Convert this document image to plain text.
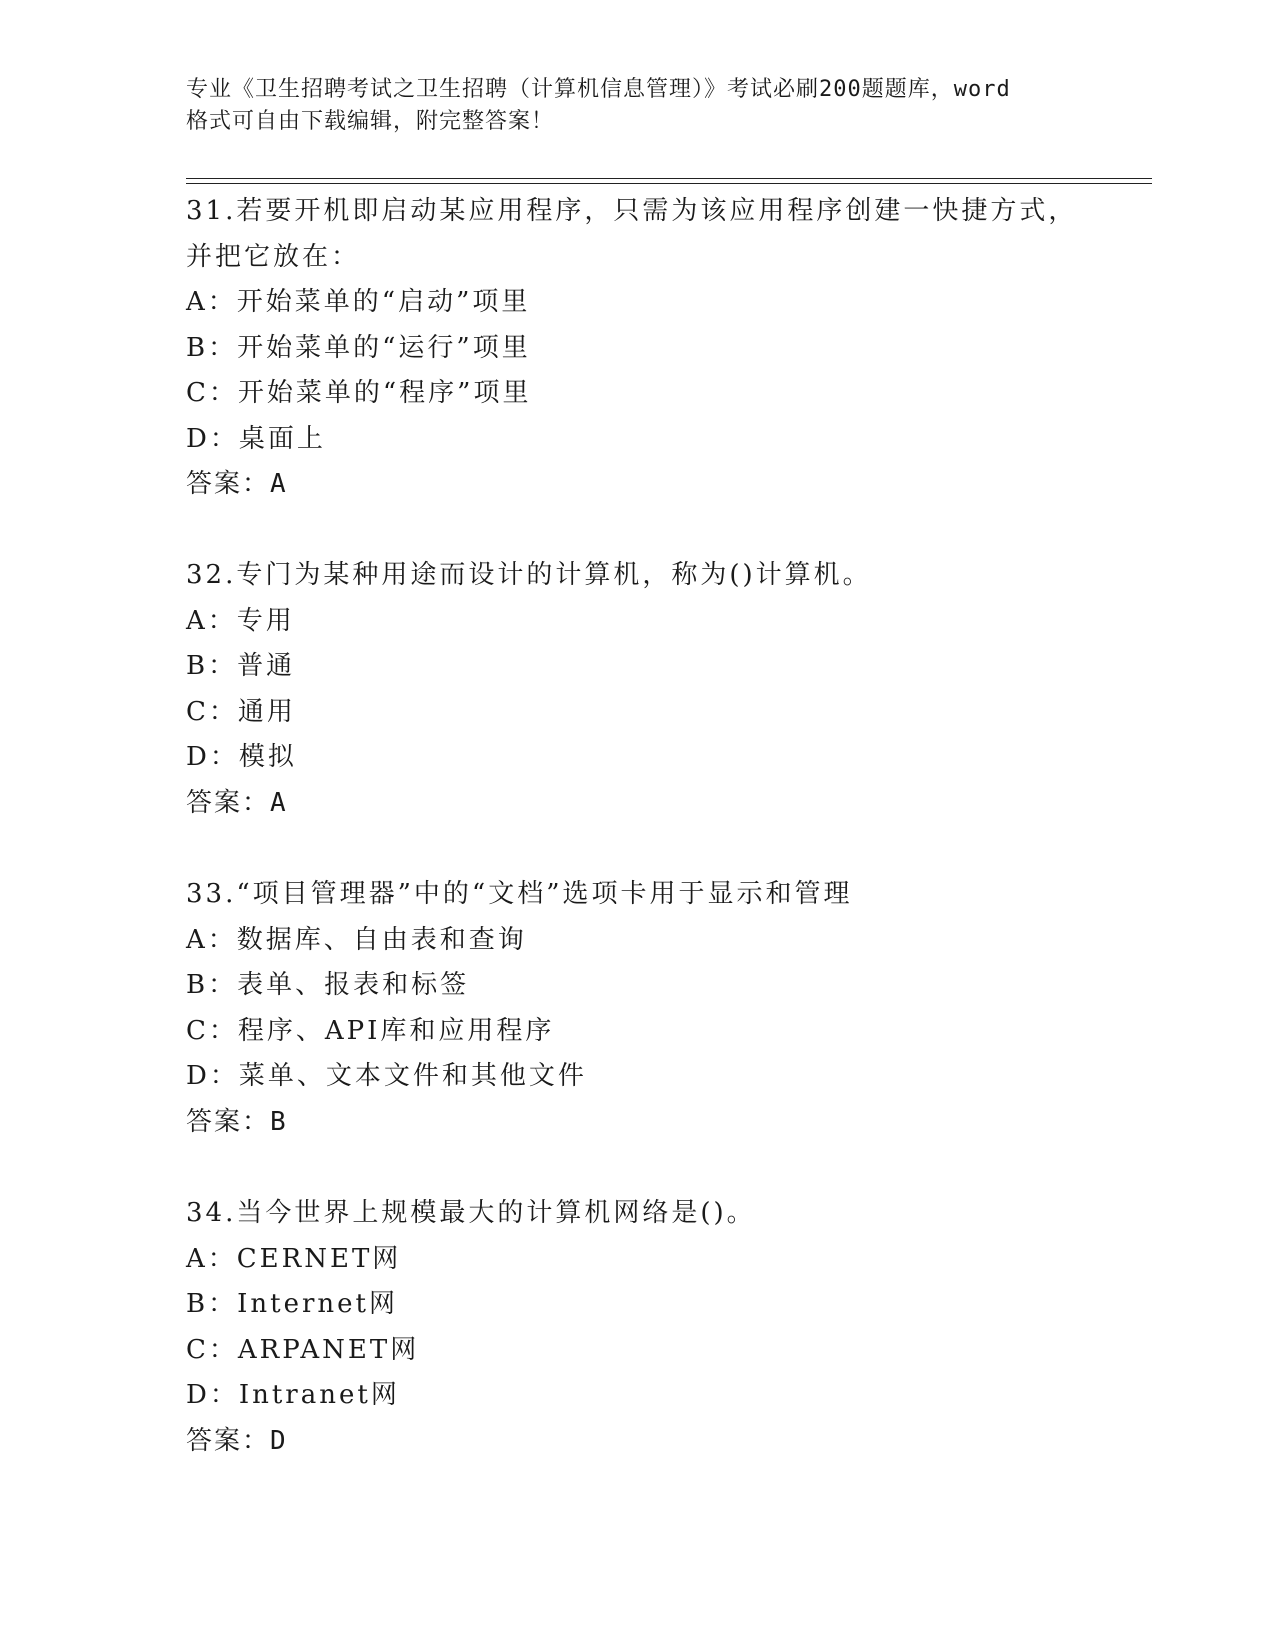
专业《卫生招聘考试之卫生招聘（计算机信息管理）》考试必刷200题题库，word
格式可自由下载编辑，附完整答案！
31.若要开机即启动某应用程序，只需为该应用程序创建一快捷方式，
并把它放在：
A：开始菜单的“启动”项里
B：开始菜单的“运行”项里
C：开始菜单的“程序”项里
D：桌面上
答案：A
32.专门为某种用途而设计的计算机，称为()计算机。
A：专用
B：普通
C：通用
D：模拟
答案：A
33.“项目管理器”中的“文档”选项卡用于显示和管理
A：数据库、自由表和查询
B：表单、报表和标签
C：程序、API库和应用程序
D：菜单、文本文件和其他文件
答案：B
34.当今世界上规模最大的计算机网络是()。
A：CERNET网
B：Internet网
C：ARPANET网
D：Intranet网
答案：D
